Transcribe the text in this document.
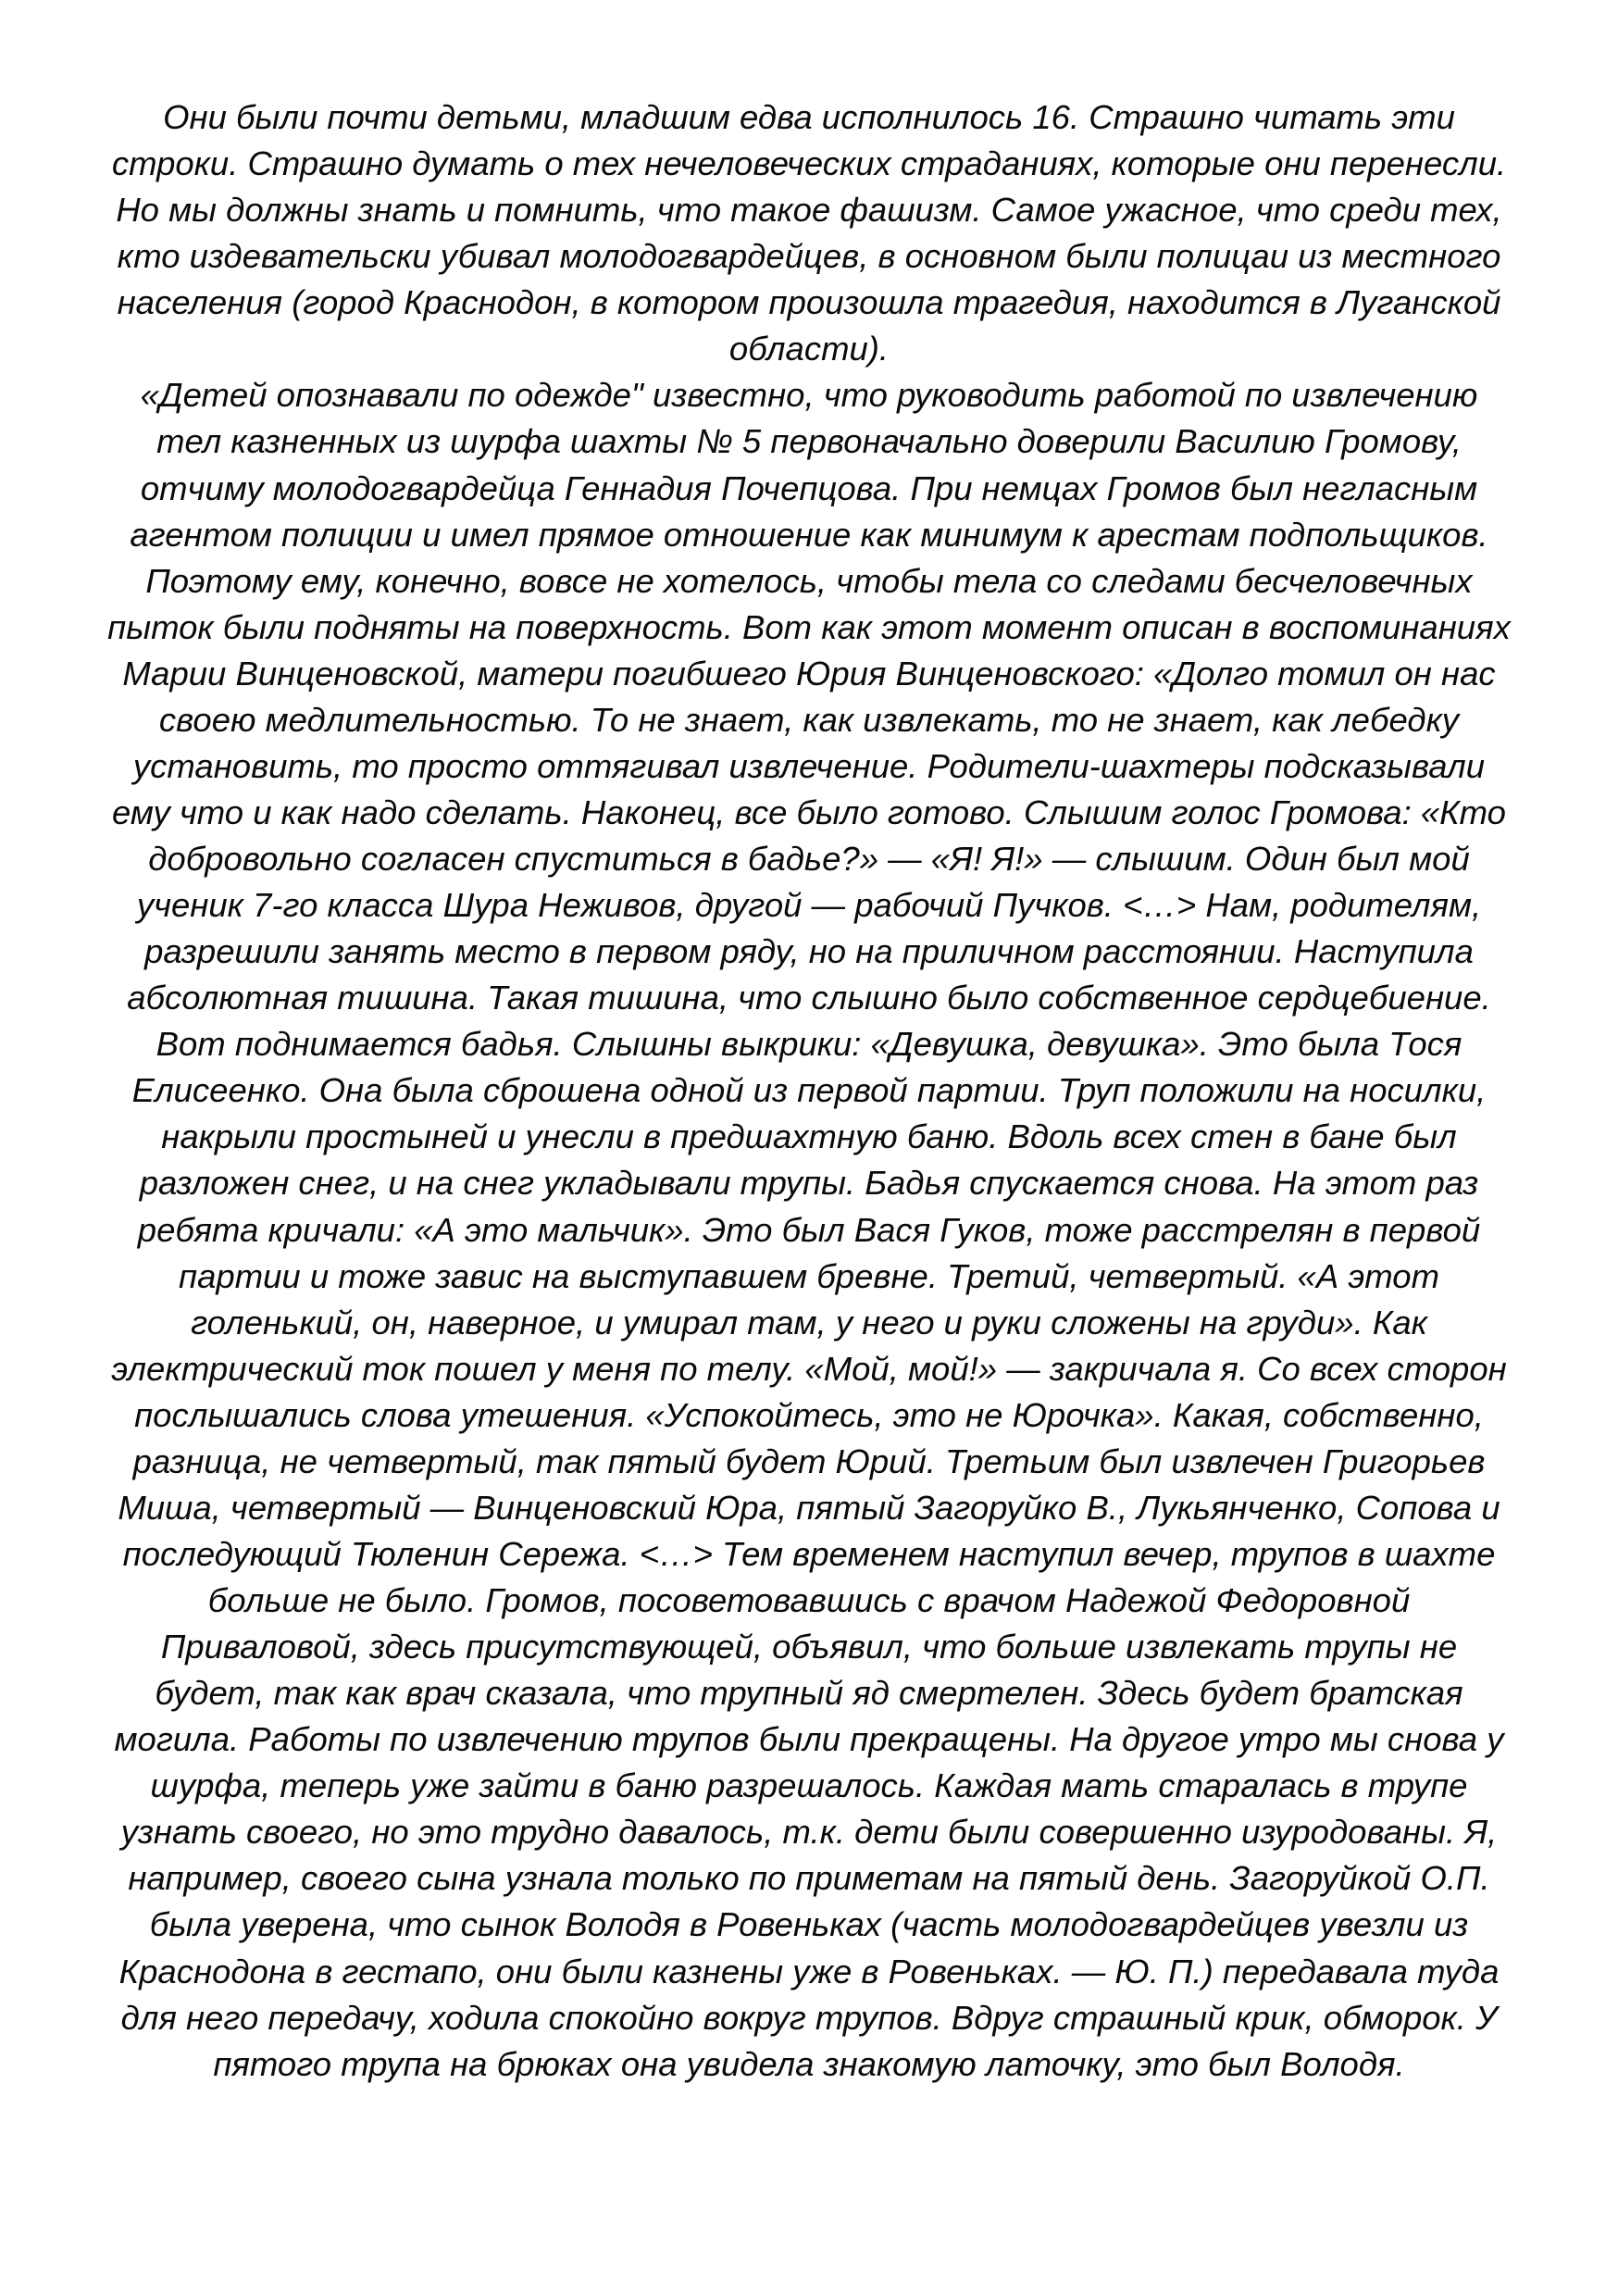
Они были почти детьми, младшим едва исполнилось 16. Страшно читать эти
строки. Страшно думать о тех нечеловеческих страданиях, которые они перенесли.
Но мы должны знать и помнить, что такое фашизм. Самое ужасное, что среди тех,
кто издевательски убивал молодогвардейцев, в основном были полицаи из местного
населения (город Краснодон, в котором произошла трагедия, находится в Луганской
области).
«Детей опознавали по одежде" известно, что руководить работой по извлечению
тел казненных из шурфа шахты № 5 первоначально доверили Василию Громову,
отчиму молодогвардейца Геннадия Почепцова. При немцах Громов был негласным
агентом полиции и имел прямое отношение как минимум к арестам подпольщиков.
Поэтому ему, конечно, вовсе не хотелось, чтобы тела со следами бесчеловечных
пыток были подняты на поверхность. Вот как этот момент описан в воспоминаниях
Марии Винценовской, матери погибшего Юрия Винценовского: «Долго томил он нас
своею медлительностью. То не знает, как извлекать, то не знает, как лебедку
установить, то просто оттягивал извлечение. Родители-шахтеры подсказывали
ему что и как надо сделать. Наконец, все было готово. Слышим голос Громова: «Кто
добровольно согласен спуститься в бадье?» — «Я! Я!» — слышим. Один был мой
ученик 7-го класса Шура Неживов, другой — рабочий Пучков. <…> Нам, родителям,
разрешили занять место в первом ряду, но на приличном расстоянии. Наступила
абсолютная тишина. Такая тишина, что слышно было собственное сердцебиение.
Вот поднимается бадья. Слышны выкрики: «Девушка, девушка». Это была Тося
Елисеенко. Она была сброшена одной из первой партии. Труп положили на носилки,
накрыли простыней и унесли в предшахтную баню. Вдоль всех стен в бане был
разложен снег, и на снег укладывали трупы. Бадья спускается снова. На этот раз
ребята кричали: «А это мальчик». Это был Вася Гуков, тоже расстрелян в первой
партии и тоже завис на выступавшем бревне. Третий, четвертый. «А этот
голенький, он, наверное, и умирал там, у него и руки сложены на груди». Как
электрический ток пошел у меня по телу. «Мой, мой!» — закричала я. Со всех сторон
послышались слова утешения. «Успокойтесь, это не Юрочка». Какая, собственно,
разница, не четвертый, так пятый будет Юрий. Третьим был извлечен Григорьев
Миша, четвертый — Винценовский Юра, пятый Загоруйко В., Лукьянченко, Сопова и
последующий Тюленин Сережа. <…> Тем временем наступил вечер, трупов в шахте
больше не было. Громов, посоветовавшись с врачом Надежой Федоровной
Приваловой, здесь присутствующей, объявил, что больше извлекать трупы не
будет, так как врач сказала, что трупный яд смертелен. Здесь будет братская
могила. Работы по извлечению трупов были прекращены. На другое утро мы снова у
шурфа, теперь уже зайти в баню разрешалось. Каждая мать старалась в трупе
узнать своего, но это трудно давалось, т.к. дети были совершенно изуродованы. Я,
например, своего сына узнала только по приметам на пятый день. Загоруйкой О.П.
была уверена, что сынок Володя в Ровеньках (часть молодогвардейцев увезли из
Краснодона в гестапо, они были казнены уже в Ровеньках. — Ю. П.) передавала туда
для него передачу, ходила спокойно вокруг трупов. Вдруг страшный крик, обморок. У
пятого трупа на брюках она увидела знакомую латочку, это был Володя.
